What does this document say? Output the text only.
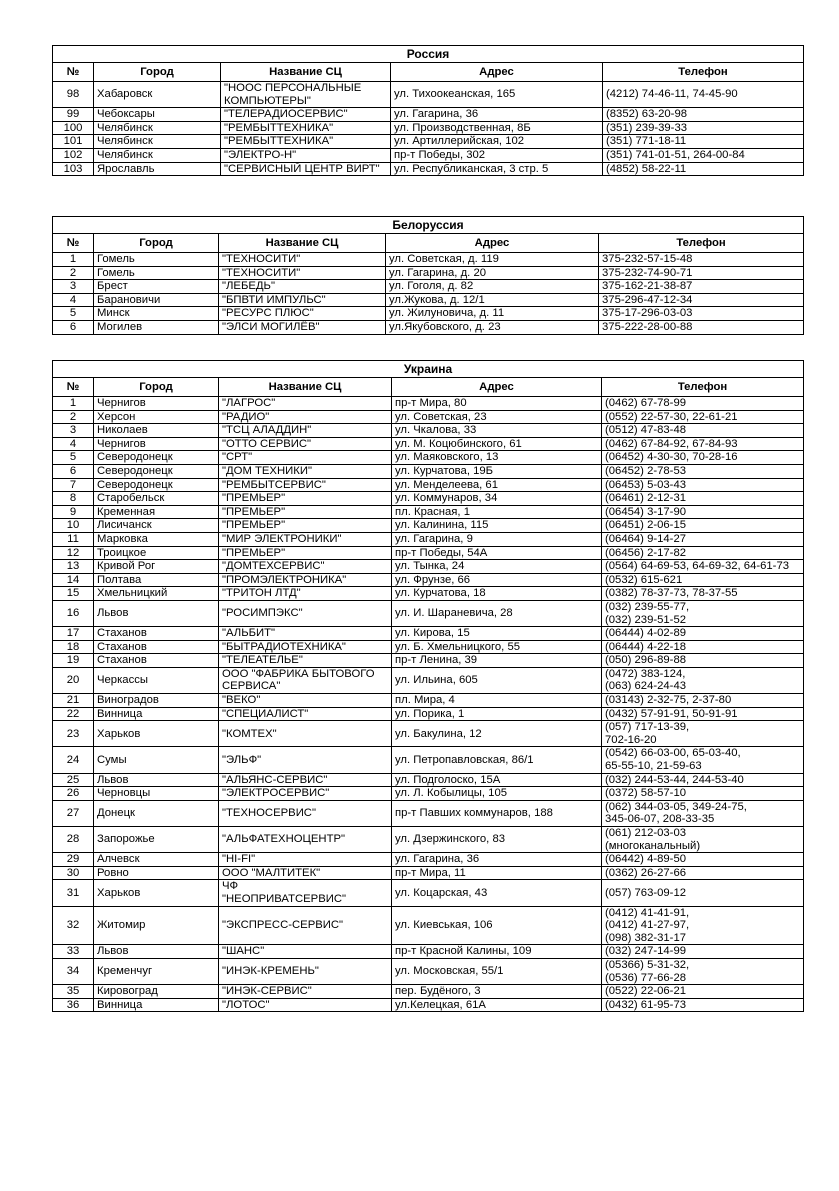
Россия				
№	Город	Название СЦ	Адрес	Телефон
98	Хабаровск	"НООС ПЕРСОНАЛЬНЫЕ КОМПЬЮТЕРЫ"	ул. Тихоокеанская, 165	(4212) 74-46-11, 74-45-90
99	Чебоксары	"ТЕЛЕРАДИОСЕРВИС"	ул. Гагарина, 36	(8352) 63-20-98
100	Челябинск	"РЕМБЫТТЕХНИКА"	ул. Производственная, 8Б	(351) 239-39-33
101	Челябинск	"РЕМБЫТТЕХНИКА"	ул. Артиллерийская, 102	(351) 771-18-11
102	Челябинск	"ЭЛЕКТРО-Н"	пр-т Победы, 302	(351) 741-01-51, 264-00-84
103	Ярославль	"СЕРВИСНЫЙ ЦЕНТР ВИРТ"	ул. Республиканская, 3 стр. 5	(4852) 58-22-11
Белоруссия				
№	Город	Название СЦ	Адрес	Телефон
1	Гомель	"ТЕХНОСИТИ"	ул. Советская, д. 119	375-232-57-15-48
2	Гомель	"ТЕХНОСИТИ"	ул. Гагарина, д. 20	375-232-74-90-71
3	Брест	"ЛЕБЕДЬ"	ул. Гоголя, д. 82	375-162-21-38-87
4	Барановичи	"БПВТИ ИМПУЛЬС"	ул.Жукова, д. 12/1	375-296-47-12-34
5	Минск	"РЕСУРС ПЛЮС"	ул. Жилуновича, д. 11	375-17-296-03-03
6	Могилев	"ЭЛСИ МОГИЛЁВ"	ул.Якубовского, д. 23	375-222-28-00-88
Украина				
№	Город	Название СЦ	Адрес	Телефон
1	Чернигов	"ЛАГРОС"	пр-т Мира, 80	(0462) 67-78-99
2	Херсон	"РАДИО"	ул. Советская, 23	(0552) 22-57-30, 22-61-21
3	Николаев	"ТСЦ АЛАДДИН"	ул. Чкалова, 33	(0512) 47-83-48
4	Чернигов	"ОТТО СЕРВИС"	ул. М. Коцюбинского, 61	(0462) 67-84-92, 67-84-93
5	Северодонецк	"СРТ"	ул. Маяковского, 13	(06452) 4-30-30, 70-28-16
6	Северодонецк	"ДОМ ТЕХНИКИ"	ул. Курчатова, 19Б	(06452) 2-78-53
7	Северодонецк	"РЕМБЫТСЕРВИС"	ул. Менделеева, 61	(06453) 5-03-43
8	Старобельск	"ПРЕМЬЕР"	ул. Коммунаров, 34	(06461) 2-12-31
9	Кременная	"ПРЕМЬЕР"	пл. Красная, 1	(06454) 3-17-90
10	Лисичанск	"ПРЕМЬЕР"	ул. Калинина, 115	(06451) 2-06-15
11	Марковка	"МИР ЭЛЕКТРОНИКИ"	ул. Гагарина, 9	(06464) 9-14-27
12	Троицкое	"ПРЕМЬЕР"	пр-т Победы, 54А	(06456) 2-17-82
13	Кривой Рог	"ДОМТЕХСЕРВИС"	ул. Тынка, 24	(0564) 64-69-53, 64-69-32, 64-61-73
14	Полтава	"ПРОМЭЛЕКТРОНИКА"	ул. Фрунзе, 66	(0532) 615-621
15	Хмельницкий	"ТРИТОН ЛТД"	ул. Курчатова, 18	(0382) 78-37-73, 78-37-55
16	Львов	"РОСИМПЭКС"	ул. И. Шараневича, 28	(032) 239-55-77,
(032) 239-51-52
17	Стаханов	"АЛЬБИТ"	ул. Кирова, 15	(06444) 4-02-89
18	Стаханов	"БЫТРАДИОТЕХНИКА"	ул. Б. Хмельницкого, 55	(06444) 4-22-18
19	Стаханов	"ТЕЛЕАТЕЛЬЕ"	пр-т Ленина, 39	(050) 296-89-88
20	Черкассы	ООО "ФАБРИКА БЫТОВОГО СЕРВИСА"	ул. Ильина, 605	(0472) 383-124,
(063) 624-24-43
21	Виноградов	"ВЕКО"	пл. Мира, 4	(03143) 2-32-75, 2-37-80
22	Винница	"СПЕЦИАЛИСТ"	ул. Порика, 1	(0432) 57-91-91, 50-91-91
23	Харьков	"КОМТЕХ"	ул. Бакулина, 12	(057) 717-13-39,
702-16-20
24	Сумы	"ЭЛЬФ"	ул. Петропавловская, 86/1	(0542) 66-03-00, 65-03-40,
65-55-10, 21-59-63
25	Львов	"АЛЬЯНС-СЕРВИС"	ул. Подголоско, 15А	(032) 244-53-44, 244-53-40
26	Черновцы	"ЭЛЕКТРОСЕРВИС"	ул. Л. Кобылицы, 105	(0372) 58-57-10
27	Донецк	"ТЕХНОСЕРВИС"	пр-т Павших коммунаров, 188	(062) 344-03-05, 349-24-75,
345-06-07, 208-33-35
28	Запорожье	"АЛЬФАТЕХНОЦЕНТР"	ул. Дзержинского, 83	(061) 212-03-03
(многоканальный)
29	Алчевск	"HI-FI"	ул. Гагарина, 36	(06442) 4-89-50
30	Ровно	ООО "МАЛТИТЕК"	пр-т Мира, 11	(0362) 26-27-66
31	Харьков	ЧФ
"НЕОПРИВАТСЕРВИС"	ул. Коцарская, 43	(057) 763-09-12
32	Житомир	"ЭКСПРЕСС-СЕРВИС"	ул. Киевськая, 106	(0412) 41-41-91,
(0412) 41-27-97,
(098) 382-31-17
33	Львов	"ШАНС"	пр-т Красной Калины, 109	(032) 247-14-99
34	Кременчуг	"ИНЭК-КРЕМЕНЬ"	ул. Московская, 55/1	(05366) 5-31-32,
(0536) 77-66-28
35	Кировоград	"ИНЭК-СЕРВИС"	пер. Будёного, 3	(0522) 22-06-21
36	Винница	"ЛОТОС"	ул.Келецкая, 61А	(0432) 61-95-73
